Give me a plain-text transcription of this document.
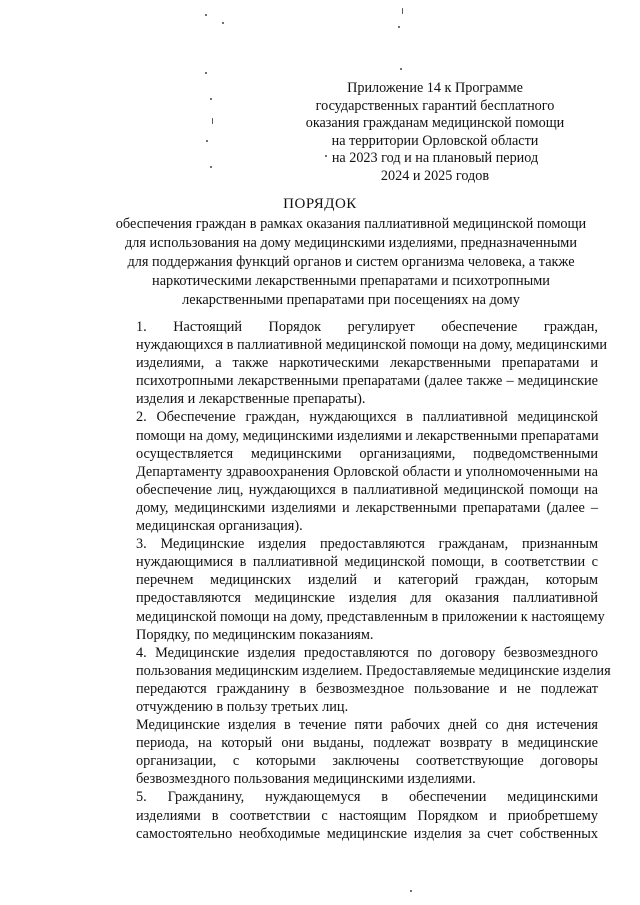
Приложение 14 к Программе
государственных гарантий бесплатного
оказания гражданам медицинской помощи
на территории Орловской области
на 2023 год и на плановый период
2024 и 2025 годов
ПОРЯДОК
обеспечения граждан в рамках оказания паллиативной медицинской помощи
для использования на дому медицинскими изделиями, предназначенными
для поддержания функций органов и систем организма человека, а также
наркотическими лекарственными препаратами и психотропными
лекарственными препаратами при посещениях на дому

1. Настоящий Порядок регулирует обеспечение граждан,
нуждающихся в паллиативной медицинской помощи на дому, медицинскими
изделиями, а также наркотическими лекарственными препаратами и
психотропными лекарственными препаратами (далее также – медицинские
изделия и лекарственные препараты).

2. Обеспечение граждан, нуждающихся в паллиативной медицинской
помощи на дому, медицинскими изделиями и лекарственными препаратами
осуществляется медицинскими организациями, подведомственными
Департаменту здравоохранения Орловской области и уполномоченными на
обеспечение лиц, нуждающихся в паллиативной медицинской помощи на
дому, медицинскими изделиями и лекарственными препаратами (далее –
медицинская организация).

3. Медицинские изделия предоставляются гражданам, признанным
нуждающимися в паллиативной медицинской помощи, в соответствии с
перечнем медицинских изделий и категорий граждан, которым
предоставляются медицинские изделия для оказания паллиативной
медицинской помощи на дому, представленным в приложении к настоящему
Порядку, по медицинским показаниям.

4. Медицинские изделия предоставляются по договору безвозмездного
пользования медицинским изделием. Предоставляемые медицинские изделия
передаются гражданину в безвозмездное пользование и не подлежат
отчуждению в пользу третьих лиц.

Медицинские изделия в течение пяти рабочих дней со дня истечения
периода, на который они выданы, подлежат возврату в медицинские
организации, с которыми заключены соответствующие договоры
безвозмездного пользования медицинскими изделиями.

5. Гражданину, нуждающемуся в обеспечении медицинскими
изделиями в соответствии с настоящим Порядком и приобретшему
самостоятельно необходимые медицинские изделия за счет собственных
